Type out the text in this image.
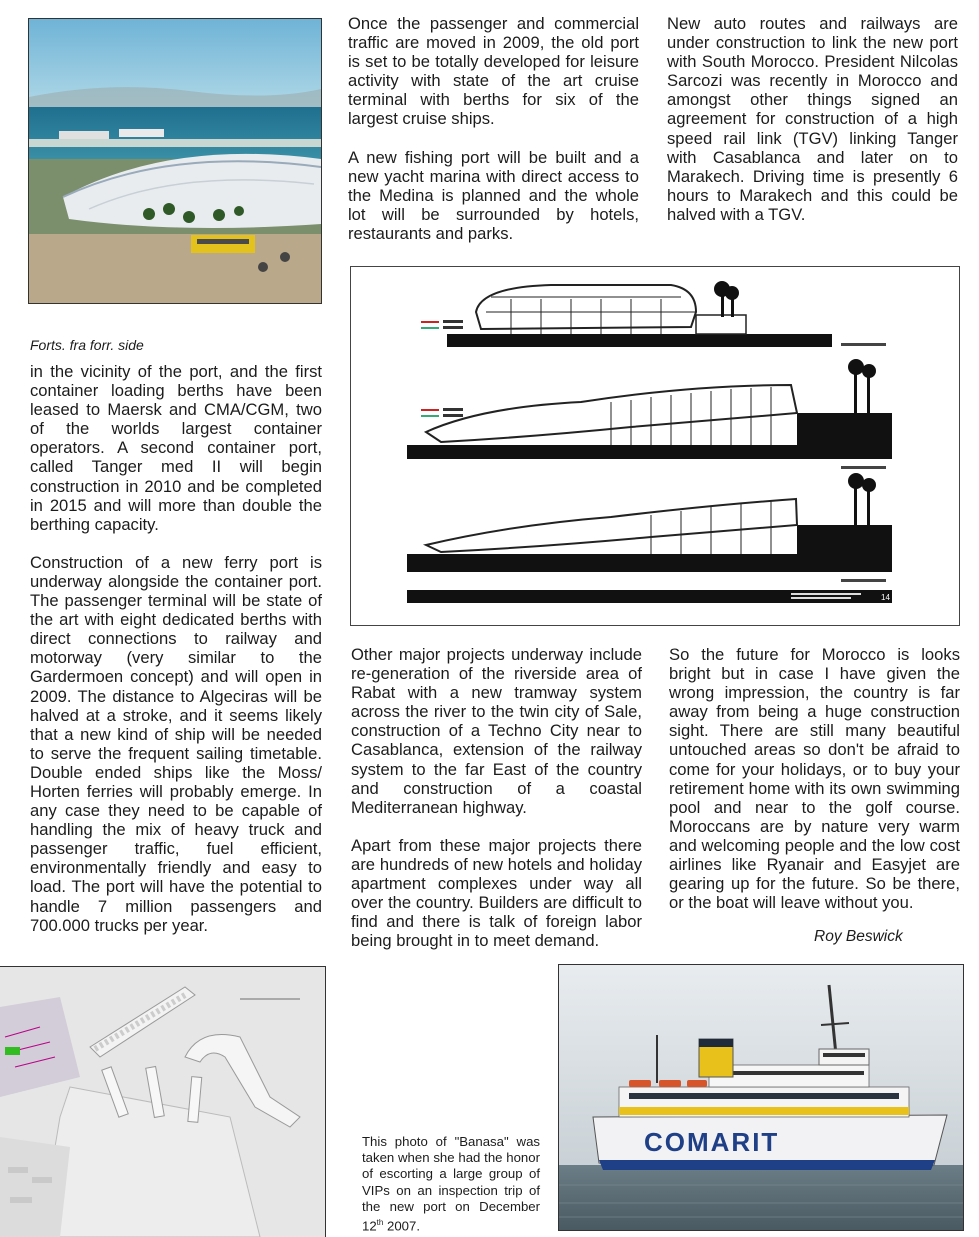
Forts. fra forr. side

in the vicinity of the port, and the first container loading berths have been leased to Maersk and CMA/CGM, two of the worlds largest container operators. A second container port, called Tanger med II will begin construction in 2010 and be completed in 2015 and will more than double the berthing capacity.

Construction of a new ferry port is underway alongside the container port. The passenger terminal will be state of the art with eight dedicated berths with direct connections to railway and motorway (very similar to the Gardermoen concept) and will open in 2009. The distance to Algeciras will be halved at a stroke, and it seems likely that a new kind of ship will be needed to serve the frequent sailing timetable. Double ended ships like the Moss/ Horten ferries will probably emerge. In any case they need to be capable of handling the mix of heavy truck and passenger traffic, fuel efficient, environmentally friendly and easy to load. The port will have the potential to handle 7 million passengers and 700.000 trucks per year.

Once the passenger and commercial traffic are moved in 2009, the old port is set to be totally developed for leisure activity with state of the art cruise terminal with berths for six of the largest cruise ships.

A new fishing port will be built and a new yacht marina with direct access to the Medina is planned and the whole lot will be surrounded by hotels, restaurants and parks.

New auto routes and railways are under construction to link the new port with South Morocco. President Nilcolas Sarcozi was recently in Morocco and amongst other things signed an agreement for construction of a high speed rail link (TGV) linking Tanger with Casablanca and later on to Marakech. Driving time is presently 6 hours to Marakech and this could be halved with a TGV.

14

Other major projects underway include re-generation of the riverside area of Rabat with a new tramway system across the river to the twin city of Sale, construction of a Techno City near to Casablanca, extension of the railway system to the far East of the country and construction of a coastal Mediterranean highway.

Apart from these major projects there are hundreds of new hotels and holiday apartment complexes under way all over the country. Builders are difficult to find and there is talk of foreign labor being brought in to meet demand.

So the future for Morocco is looks bright but in case I have given the wrong impression, the country is far away from being a huge construction sight. There are still many beautiful untouched areas so don't be afraid to come for your holidays, or to buy your retirement home with its own swimming pool and near to the golf course. Moroccans are by nature very warm and welcoming people and the low cost airlines like Ryanair and Easyjet are gearing up for the future. So be there, or the boat will leave without you.

Roy Beswick
This photo of "Banasa" was taken when she had the honor of escorting a large group of VIPs on an inspection trip of the new port on December 12th 2007.
COMARIT
